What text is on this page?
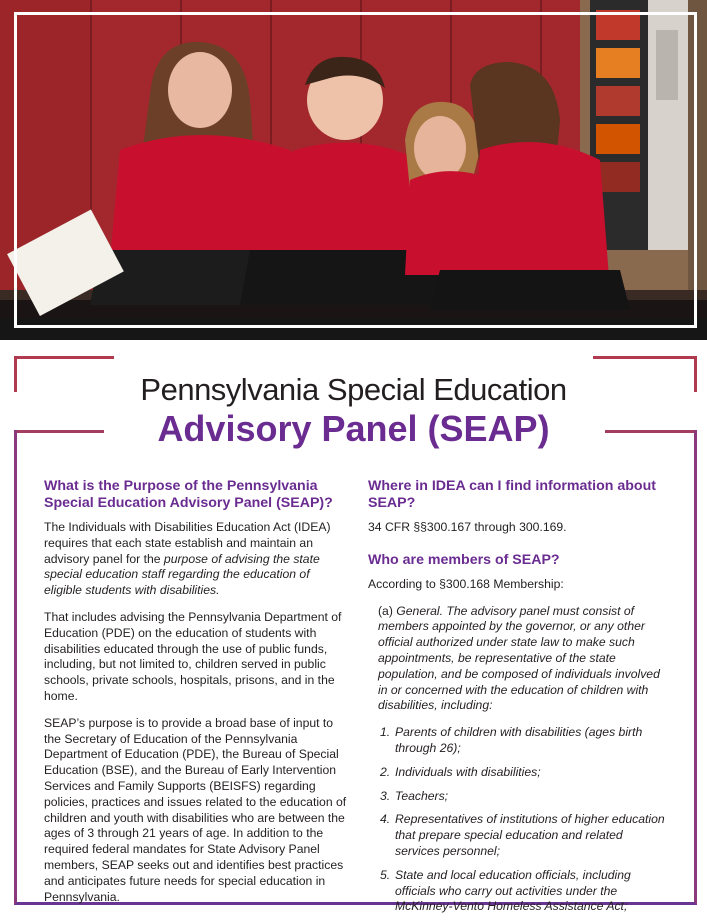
Pennsylvania Special Education
Advisory Panel (SEAP)
What is the Purpose of the Pennsylvania Special Education Advisory Panel (SEAP)?

The Individuals with Disabilities Education Act (IDEA) requires that each state establish and maintain an advisory panel for the purpose of advising the state special education staff regarding the education of eligible students with disabilities.

That includes advising the Pennsylvania Department of Education (PDE) on the education of students with disabilities educated through the use of public funds, including, but not limited to, children served in public schools, private schools, hospitals, prisons, and in the home.

SEAP’s purpose is to provide a broad base of input to the Secretary of Education of the Pennsylvania Department of Education (PDE), the Bureau of Special Education (BSE), and the Bureau of Early Intervention Services and Family Supports (BEISFS) regarding policies, practices and issues related to the education of children and youth with disabilities who are between the ages of 3 through 21 years of age. In addition to the required federal mandates for State Advisory Panel members, SEAP seeks out and identifies best practices and anticipates future needs for special education in Pennsylvania.

Where in IDEA can I find information about SEAP?

34 CFR §§300.167 through 300.169.

Who are members of SEAP?

According to §300.168 Membership:

(a) General. The advisory panel must consist of members appointed by the governor, or any other official authorized under state law to make such appointments, be representative of the state population, and be composed of individuals involved in or concerned with the education of children with disabilities, including:

1. Parents of children with disabilities (ages birth through 26);
2. Individuals with disabilities;
3. Teachers;
4. Representatives of institutions of higher education that prepare special education and related services personnel;
5. State and local education officials, including officials who carry out activities under the McKinney-Vento Homeless Assistance Act;
